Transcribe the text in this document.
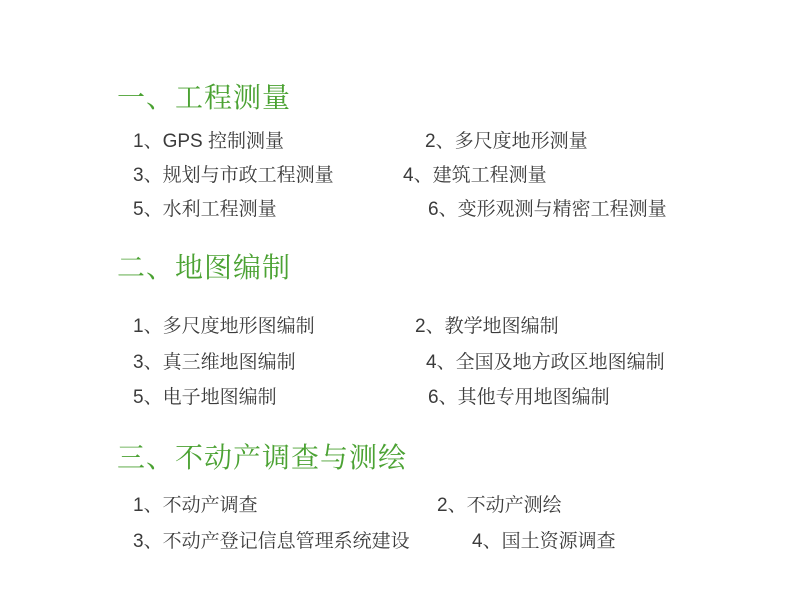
一、工程测量
1、GPS 控制测量	2、多尺度地形测量
3、规划与市政工程测量	4、建筑工程测量
5、水利工程测量	6、变形观测与精密工程测量
二、地图编制
1、多尺度地形图编制	2、教学地图编制
3、真三维地图编制	4、全国及地方政区地图编制
5、电子地图编制	6、其他专用地图编制
三、不动产调查与测绘
1、不动产调查	2、不动产测绘
3、不动产登记信息管理系统建设	4、国土资源调查
